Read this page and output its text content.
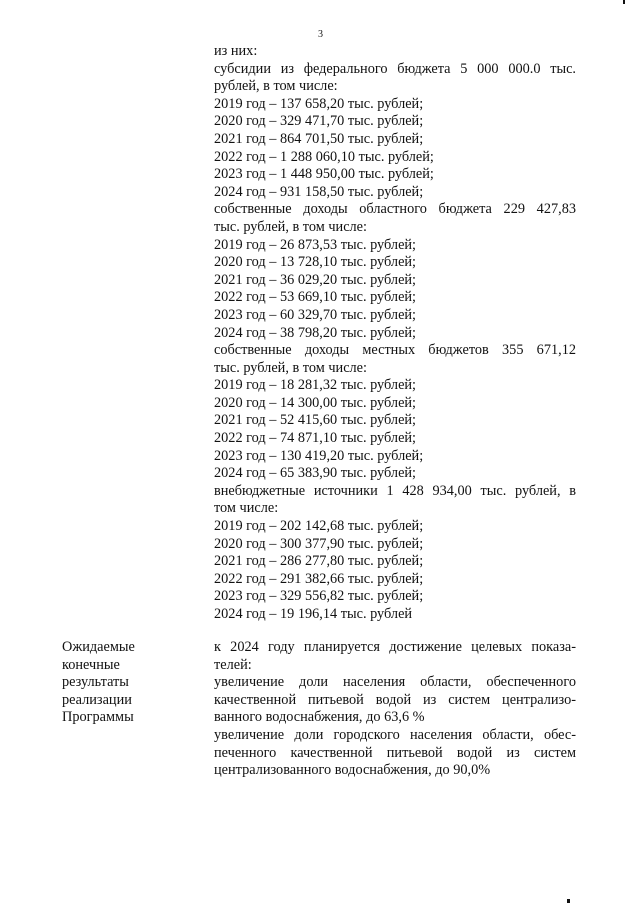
3
из них:
субсидии из федерального бюджета 5 000 000.0 тыс.
рублей, в том числе:
2019 год – 137 658,20 тыс. рублей;
2020 год – 329 471,70 тыс. рублей;
2021 год – 864 701,50 тыс. рублей;
2022 год – 1 288 060,10 тыс. рублей;
2023 год – 1 448 950,00 тыс. рублей;
2024 год – 931 158,50 тыс. рублей;
собственные доходы областного бюджета 229 427,83
тыс. рублей, в том числе:
2019 год – 26 873,53 тыс. рублей;
2020 год – 13 728,10 тыс. рублей;
2021 год – 36 029,20 тыс. рублей;
2022 год – 53 669,10 тыс. рублей;
2023 год – 60 329,70 тыс. рублей;
2024 год – 38 798,20 тыс. рублей;
собственные доходы местных бюджетов 355 671,12
тыс. рублей, в том числе:
2019 год – 18 281,32 тыс. рублей;
2020 год – 14 300,00 тыс. рублей;
2021 год – 52 415,60 тыс. рублей;
2022 год – 74 871,10 тыс. рублей;
2023 год – 130 419,20 тыс. рублей;
2024 год – 65 383,90 тыс. рублей;
внебюджетные источники 1 428 934,00 тыс. рублей, в
том числе:
2019 год – 202 142,68 тыс. рублей;
2020 год – 300 377,90 тыс. рублей;
2021 год – 286 277,80 тыс. рублей;
2022 год – 291 382,66 тыс. рублей;
2023 год – 329 556,82 тыс. рублей;
2024 год – 19 196,14 тыс. рублей
Ожидаемые
конечные
результаты
реализации
Программы
к 2024 году планируется достижение целевых показа-
телей:
увеличение доли населения области, обеспеченного
качественной питьевой водой из систем централизо-
ванного водоснабжения, до 63,6 %
увеличение доли городского населения области, обес-
печенного качественной питьевой водой из систем
централизованного водоснабжения, до 90,0%
